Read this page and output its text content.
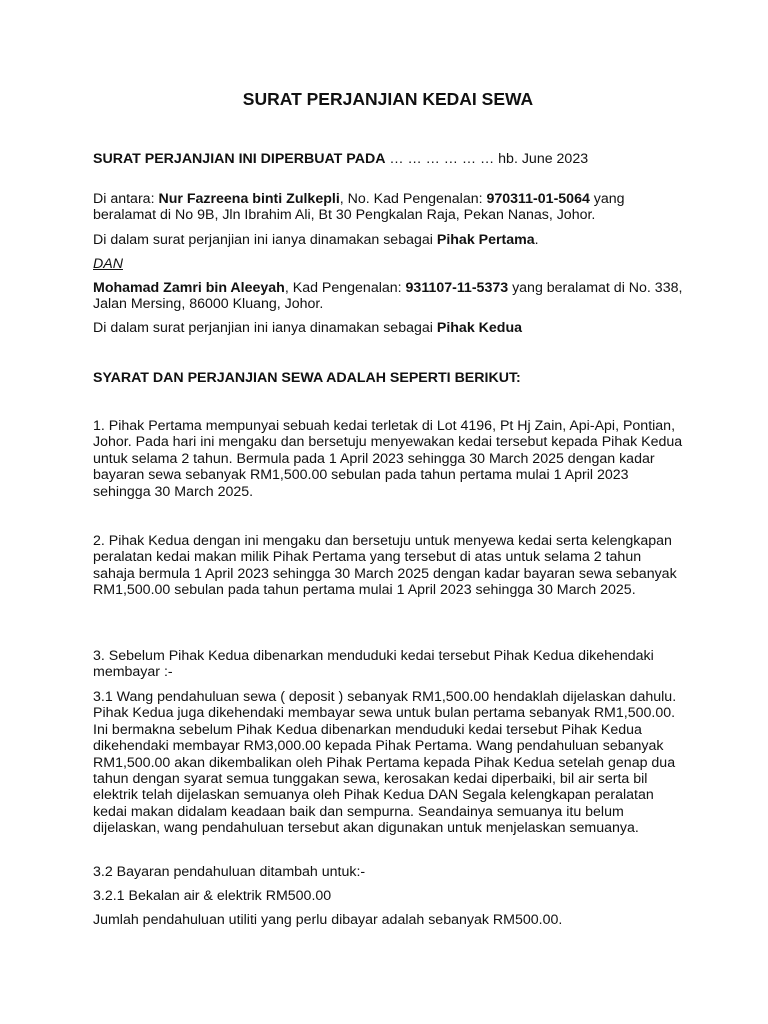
SURAT PERJANJIAN KEDAI SEWA

SURAT PERJANJIAN INI DIPERBUAT PADA … … … … … … hb. June 2023

Di antara: Nur Fazreena binti Zulkepli, No. Kad Pengenalan: 970311-01-5064 yang beralamat di No 9B, Jln Ibrahim Ali, Bt 30 Pengkalan Raja, Pekan Nanas, Johor.

Di dalam surat perjanjian ini ianya dinamakan sebagai Pihak Pertama.

DAN

Mohamad Zamri bin Aleeyah, Kad Pengenalan: 931107-11-5373 yang beralamat di No. 338, Jalan Mersing, 86000 Kluang, Johor.

Di dalam surat perjanjian ini ianya dinamakan sebagai Pihak Kedua

SYARAT DAN PERJANJIAN SEWA ADALAH SEPERTI BERIKUT:

1. Pihak Pertama mempunyai sebuah kedai terletak di Lot 4196, Pt Hj Zain, Api-Api, Pontian, Johor. Pada hari ini mengaku dan bersetuju menyewakan kedai tersebut kepada Pihak Kedua untuk selama 2 tahun. Bermula pada 1 April 2023 sehingga 30 March 2025 dengan kadar bayaran sewa sebanyak RM1,500.00 sebulan pada tahun pertama mulai 1 April 2023 sehingga 30 March 2025.

2. Pihak Kedua dengan ini mengaku dan bersetuju untuk menyewa kedai serta kelengkapan peralatan kedai makan milik Pihak Pertama yang tersebut di atas untuk selama 2 tahun sahaja bermula 1 April 2023 sehingga 30 March 2025 dengan kadar bayaran sewa sebanyak RM1,500.00 sebulan pada tahun pertama mulai 1 April 2023 sehingga 30 March 2025.

3. Sebelum Pihak Kedua dibenarkan menduduki kedai tersebut Pihak Kedua dikehendaki membayar :-

3.1 Wang pendahuluan sewa ( deposit ) sebanyak RM1,500.00 hendaklah dijelaskan dahulu. Pihak Kedua juga dikehendaki membayar sewa untuk bulan pertama sebanyak RM1,500.00. Ini bermakna sebelum Pihak Kedua dibenarkan menduduki kedai tersebut Pihak Kedua dikehendaki membayar RM3,000.00 kepada Pihak Pertama. Wang pendahuluan sebanyak RM1,500.00 akan dikembalikan oleh Pihak Pertama kepada Pihak Kedua setelah genap dua tahun dengan syarat semua tunggakan sewa, kerosakan kedai diperbaiki, bil air serta bil elektrik telah dijelaskan semuanya oleh Pihak Kedua DAN Segala kelengkapan peralatan kedai makan didalam keadaan baik dan sempurna. Seandainya semuanya itu belum dijelaskan, wang pendahuluan tersebut akan digunakan untuk menjelaskan semuanya.

3.2 Bayaran pendahuluan ditambah untuk:-

3.2.1 Bekalan air & elektrik RM500.00

Jumlah pendahuluan utiliti yang perlu dibayar adalah sebanyak RM500.00.
